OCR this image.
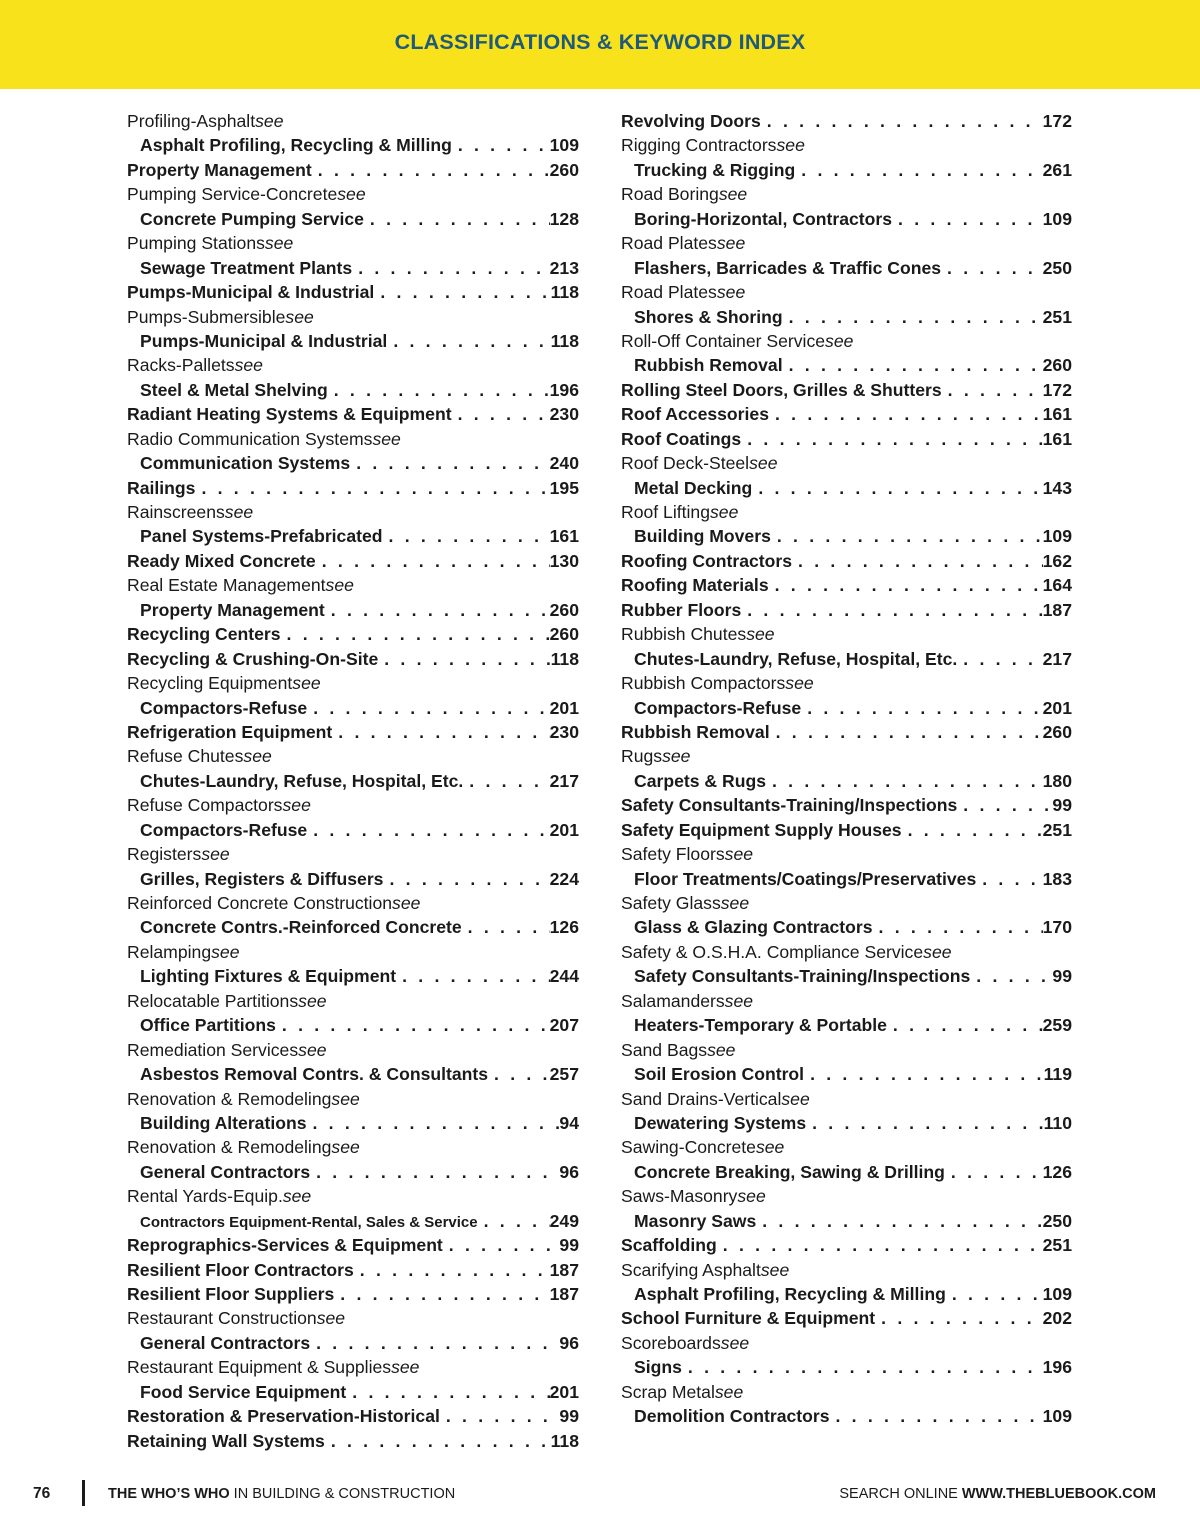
CLASSIFICATIONS & KEYWORD INDEX
Profiling-Asphalt see
Asphalt Profiling, Recycling & Milling . . .	109
Property Management . . .	260
Pumping Service-Concrete see
Concrete Pumping Service . . .	128
Pumping Stations see
Sewage Treatment Plants . . .	213
Pumps-Municipal & Industrial . . .	118
Pumps-Submersible see
Pumps-Municipal & Industrial . . .	118
Racks-Pallets see
Steel & Metal Shelving . . .	196
Radiant Heating Systems & Equipment . . .	230
Radio Communication Systems see
Communication Systems . . .	240
Railings . . .	195
Rainscreens see
Panel Systems-Prefabricated . . .	161
Ready Mixed Concrete . . .	130
Real Estate Management see
Property Management . . .	260
Recycling Centers . . .	260
Recycling & Crushing-On-Site . . .	118
Recycling Equipment see
Compactors-Refuse . . .	201
Refrigeration Equipment . . .	230
Refuse Chutes see
Chutes-Laundry, Refuse, Hospital, Etc. . . .	217
Refuse Compactors see
Compactors-Refuse . . .	201
Registers see
Grilles, Registers & Diffusers . . .	224
Reinforced Concrete Construction see
Concrete Contrs.-Reinforced Concrete . . .	126
Relamping see
Lighting Fixtures & Equipment . . .	244
Relocatable Partitions see
Office Partitions . . .	207
Remediation Services see
Asbestos Removal Contrs. & Consultants . . .	257
Renovation & Remodeling see
Building Alterations . . .	94
Renovation & Remodeling see
General Contractors . . .	96
Rental Yards-Equip. see
Contractors Equipment-Rental, Sales & Service . . .	249
Reprographics-Services & Equipment . . .	99
Resilient Floor Contractors . . .	187
Resilient Floor Suppliers . . .	187
Restaurant Construction see
General Contractors . . .	96
Restaurant Equipment & Supplies see
Food Service Equipment . . .	201
Restoration & Preservation-Historical . . .	99
Retaining Wall Systems . . .	118
Revolving Doors . . .	172
Rigging Contractors see
Trucking & Rigging . . .	261
Road Boring see
Boring-Horizontal, Contractors . . .	109
Road Plates see
Flashers, Barricades & Traffic Cones . . .	250
Road Plates see
Shores & Shoring . . .	251
Roll-Off Container Service see
Rubbish Removal . . .	260
Rolling Steel Doors, Grilles & Shutters . . .	172
Roof Accessories . . .	161
Roof Coatings . . .	161
Roof Deck-Steel see
Metal Decking . . .	143
Roof Lifting see
Building Movers . . .	109
Roofing Contractors . . .	162
Roofing Materials . . .	164
Rubber Floors . . .	187
Rubbish Chutes see
Chutes-Laundry, Refuse, Hospital, Etc. . . .	217
Rubbish Compactors see
Compactors-Refuse . . .	201
Rubbish Removal . . .	260
Rugs see
Carpets & Rugs . . .	180
Safety Consultants-Training/Inspections . . .	99
Safety Equipment Supply Houses . . .	251
Safety Floors see
Floor Treatments/Coatings/Preservatives . . .	183
Safety Glass see
Glass & Glazing Contractors . . .	170
Safety & O.S.H.A. Compliance Service see
Safety Consultants-Training/Inspections . . .	99
Salamanders see
Heaters-Temporary & Portable . . .	259
Sand Bags see
Soil Erosion Control . . .	119
Sand Drains-Vertical see
Dewatering Systems . . .	110
Sawing-Concrete see
Concrete Breaking, Sawing & Drilling . . .	126
Saws-Masonry see
Masonry Saws . . .	250
Scaffolding . . .	251
Scarifying Asphalt see
Asphalt Profiling, Recycling & Milling . . .	109
School Furniture & Equipment . . .	202
Scoreboards see
Signs . . .	196
Scrap Metal see
Demolition Contractors . . .	109
76	THE WHO’S WHO IN BUILDING & CONSTRUCTION	SEARCH ONLINE WWW.THEBLUEBOOK.COM
